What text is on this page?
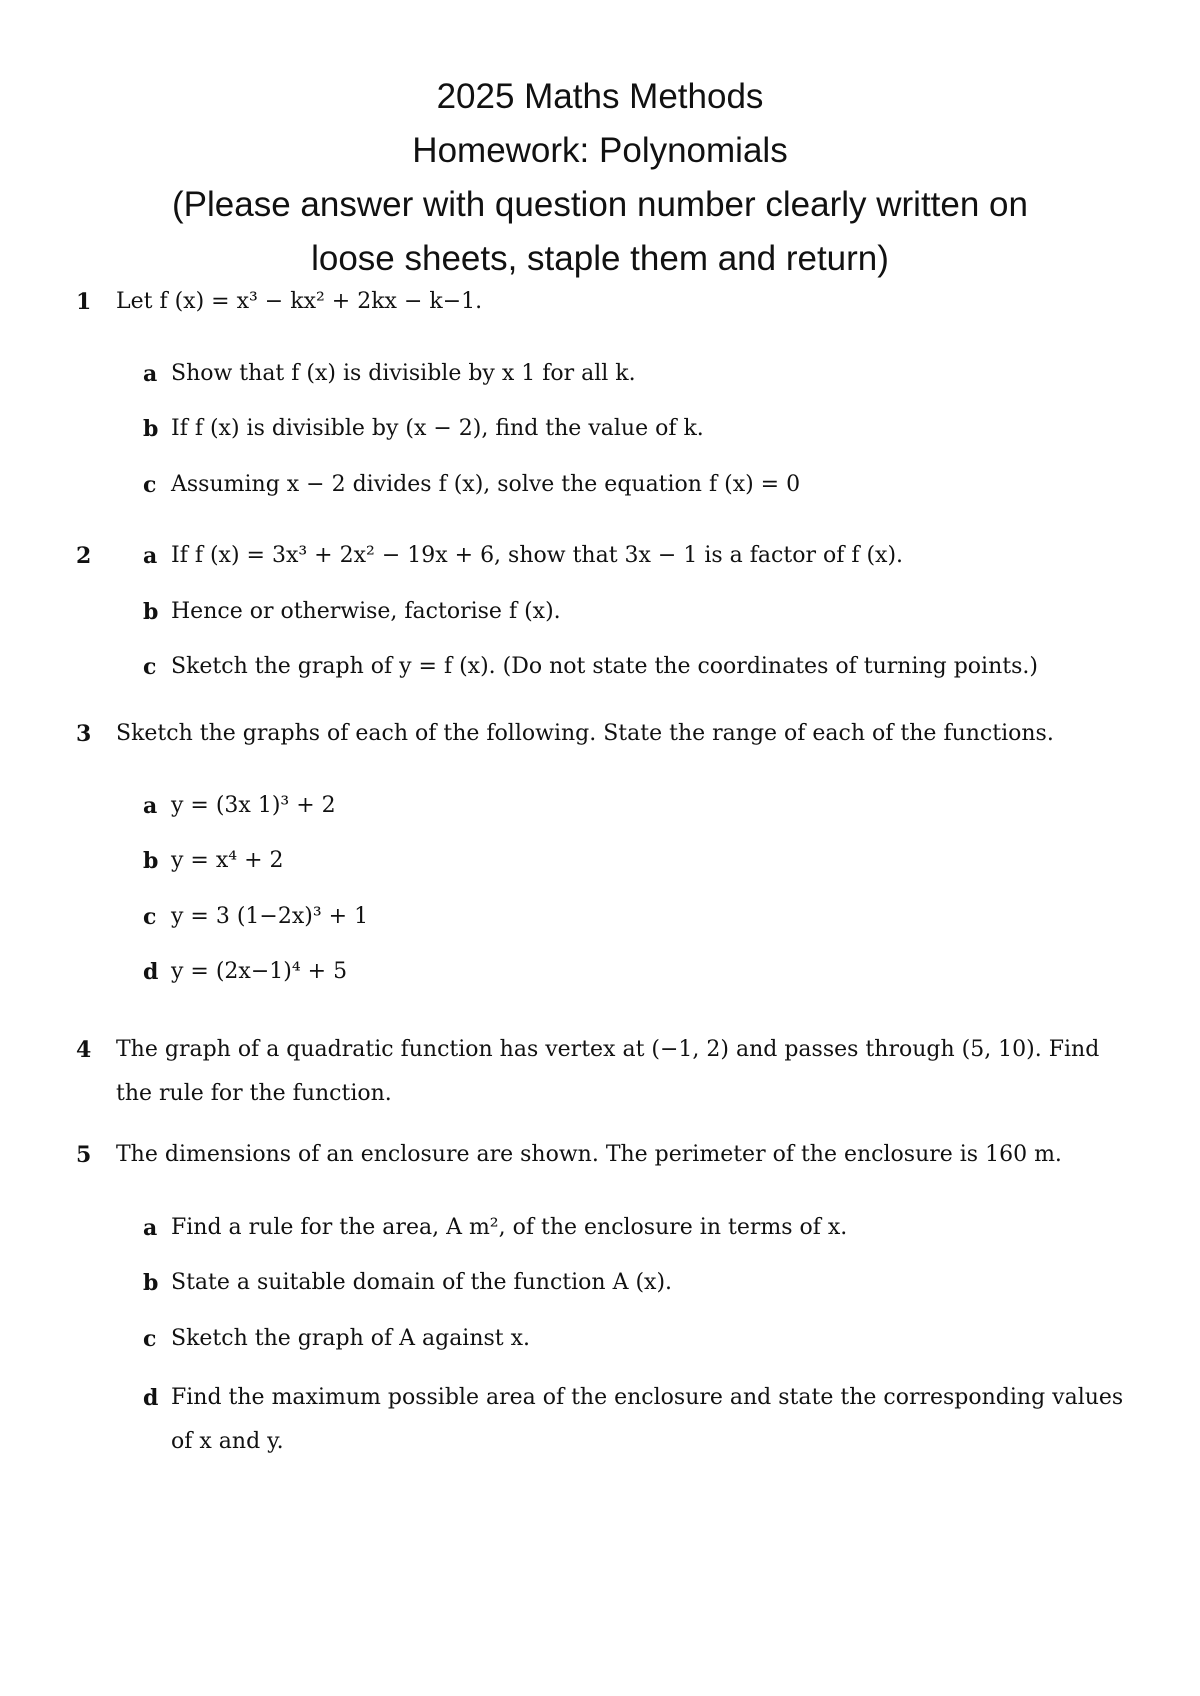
2025 Maths Methods
Homework: Polynomials
(Please answer with question number clearly written on
loose sheets, staple them and return)
1 Let f (x) = x³ − kx² + 2kx − k−1.
a Show that f (x) is divisible by x 1 for all k.
b If f (x) is divisible by (x − 2), find the value of k.
c Assuming x − 2 divides f (x), solve the equation f (x) = 0
2 a If f (x) = 3x³ + 2x² − 19x + 6, show that 3x − 1 is a factor of f (x).
b Hence or otherwise, factorise f (x).
c Sketch the graph of y = f (x). (Do not state the coordinates of turning points.)
3 Sketch the graphs of each of the following. State the range of each of the functions.
a y = (3x 1)³ + 2
b y = x⁴ + 2
c y = 3 (1−2x)³ + 1
d y = (2x−1)⁴ + 5
4 The graph of a quadratic function has vertex at (−1, 2) and passes through (5, 10). Find the rule for the function.
5 The dimensions of an enclosure are shown. The perimeter of the enclosure is 160 m.
a Find a rule for the area, A m², of the enclosure in terms of x.
b State a suitable domain of the function A (x).
c Sketch the graph of A against x.
d Find the maximum possible area of the enclosure and state the corresponding values of x and y.
